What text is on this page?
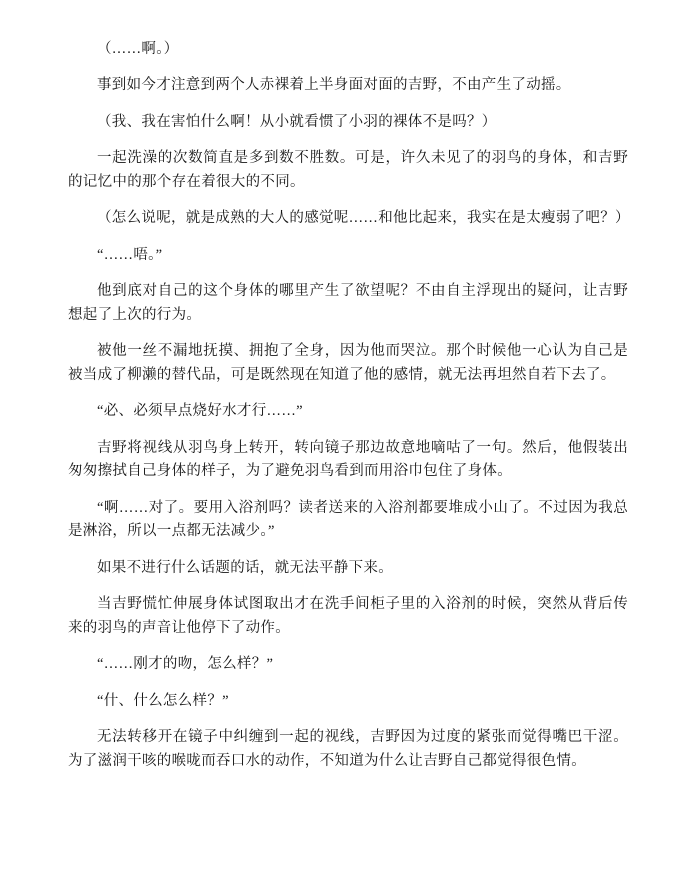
（……啊。）

事到如今才注意到两个人赤裸着上半身面对面的吉野，不由产生了动摇。

（我、我在害怕什么啊！从小就看惯了小羽的裸体不是吗？）

一起洗澡的次数简直是多到数不胜数。可是，许久未见了的羽鸟的身体，和吉野的记忆中的那个存在着很大的不同。

（怎么说呢，就是成熟的大人的感觉呢……和他比起来，我实在是太瘦弱了吧？）

“……唔。”

他到底对自己的这个身体的哪里产生了欲望呢？不由自主浮现出的疑问，让吉野想起了上次的行为。

被他一丝不漏地抚摸、拥抱了全身，因为他而哭泣。那个时候他一心认为自己是被当成了柳濑的替代品，可是既然现在知道了他的感情，就无法再坦然自若下去了。

“必、必须早点烧好水才行……”

吉野将视线从羽鸟身上转开，转向镜子那边故意地嘀咕了一句。然后，他假装出匆匆擦拭自己身体的样子，为了避免羽鸟看到而用浴巾包住了身体。

“啊……对了。要用入浴剂吗？读者送来的入浴剂都要堆成小山了。不过因为我总是淋浴，所以一点都无法减少。”

如果不进行什么话题的话，就无法平静下来。

当吉野慌忙伸展身体试图取出才在洗手间柜子里的入浴剂的时候，突然从背后传来的羽鸟的声音让他停下了动作。

“……刚才的吻，怎么样？”

“什、什么怎么样？”

无法转移开在镜子中纠缠到一起的视线，吉野因为过度的紧张而觉得嘴巴干涩。为了滋润干咳的喉咙而吞口水的动作，不知道为什么让吉野自己都觉得很色情。
